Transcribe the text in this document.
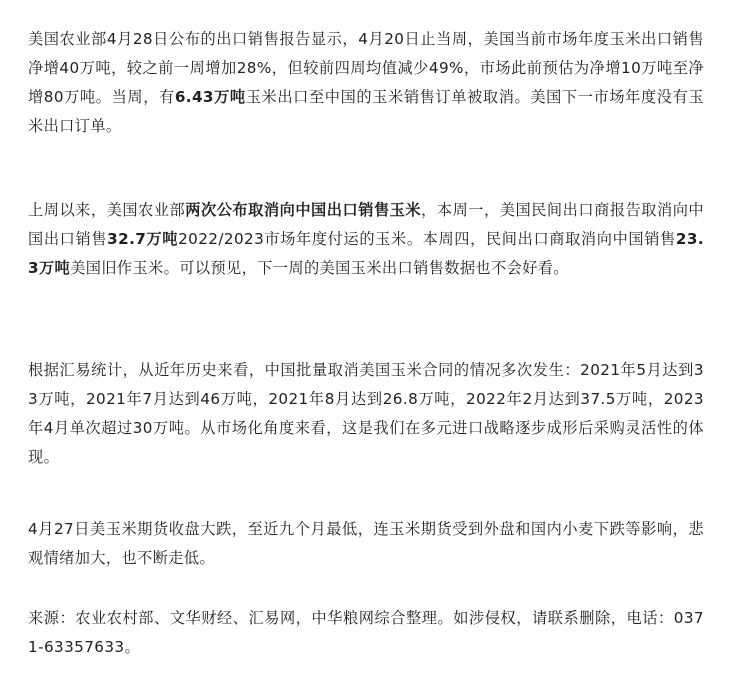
美国农业部4月28日公布的出口销售报告显示，4月20日止当周，美国当前市场年度玉米出口销售净增40万吨，较之前一周增加28%，但较前四周均值减少49%，市场此前预估为净增10万吨至净增80万吨。当周，有6.43万吨玉米出口至中国的玉米销售订单被取消。美国下一市场年度没有玉米出口订单。

上周以来，美国农业部两次公布取消向中国出口销售玉米，本周一，美国民间出口商报告取消向中国出口销售32.7万吨2022/2023市场年度付运的玉米。本周四，民间出口商取消向中国销售23.3万吨美国旧作玉米。可以预见，下一周的美国玉米出口销售数据也不会好看。

根据汇易统计，从近年历史来看，中国批量取消美国玉米合同的情况多次发生：2021年5月达到33万吨，2021年7月达到46万吨，2021年8月达到26.8万吨，2022年2月达到37.5万吨，2023年4月单次超过30万吨。从市场化角度来看，这是我们在多元进口战略逐步成形后采购灵活性的体现。

4月27日美玉米期货收盘大跌，至近九个月最低，连玉米期货受到外盘和国内小麦下跌等影响，悲观情绪加大，也不断走低。

来源：农业农村部、文华财经、汇易网，中华粮网综合整理。如涉侵权，请联系删除，电话：0371-63357633。
